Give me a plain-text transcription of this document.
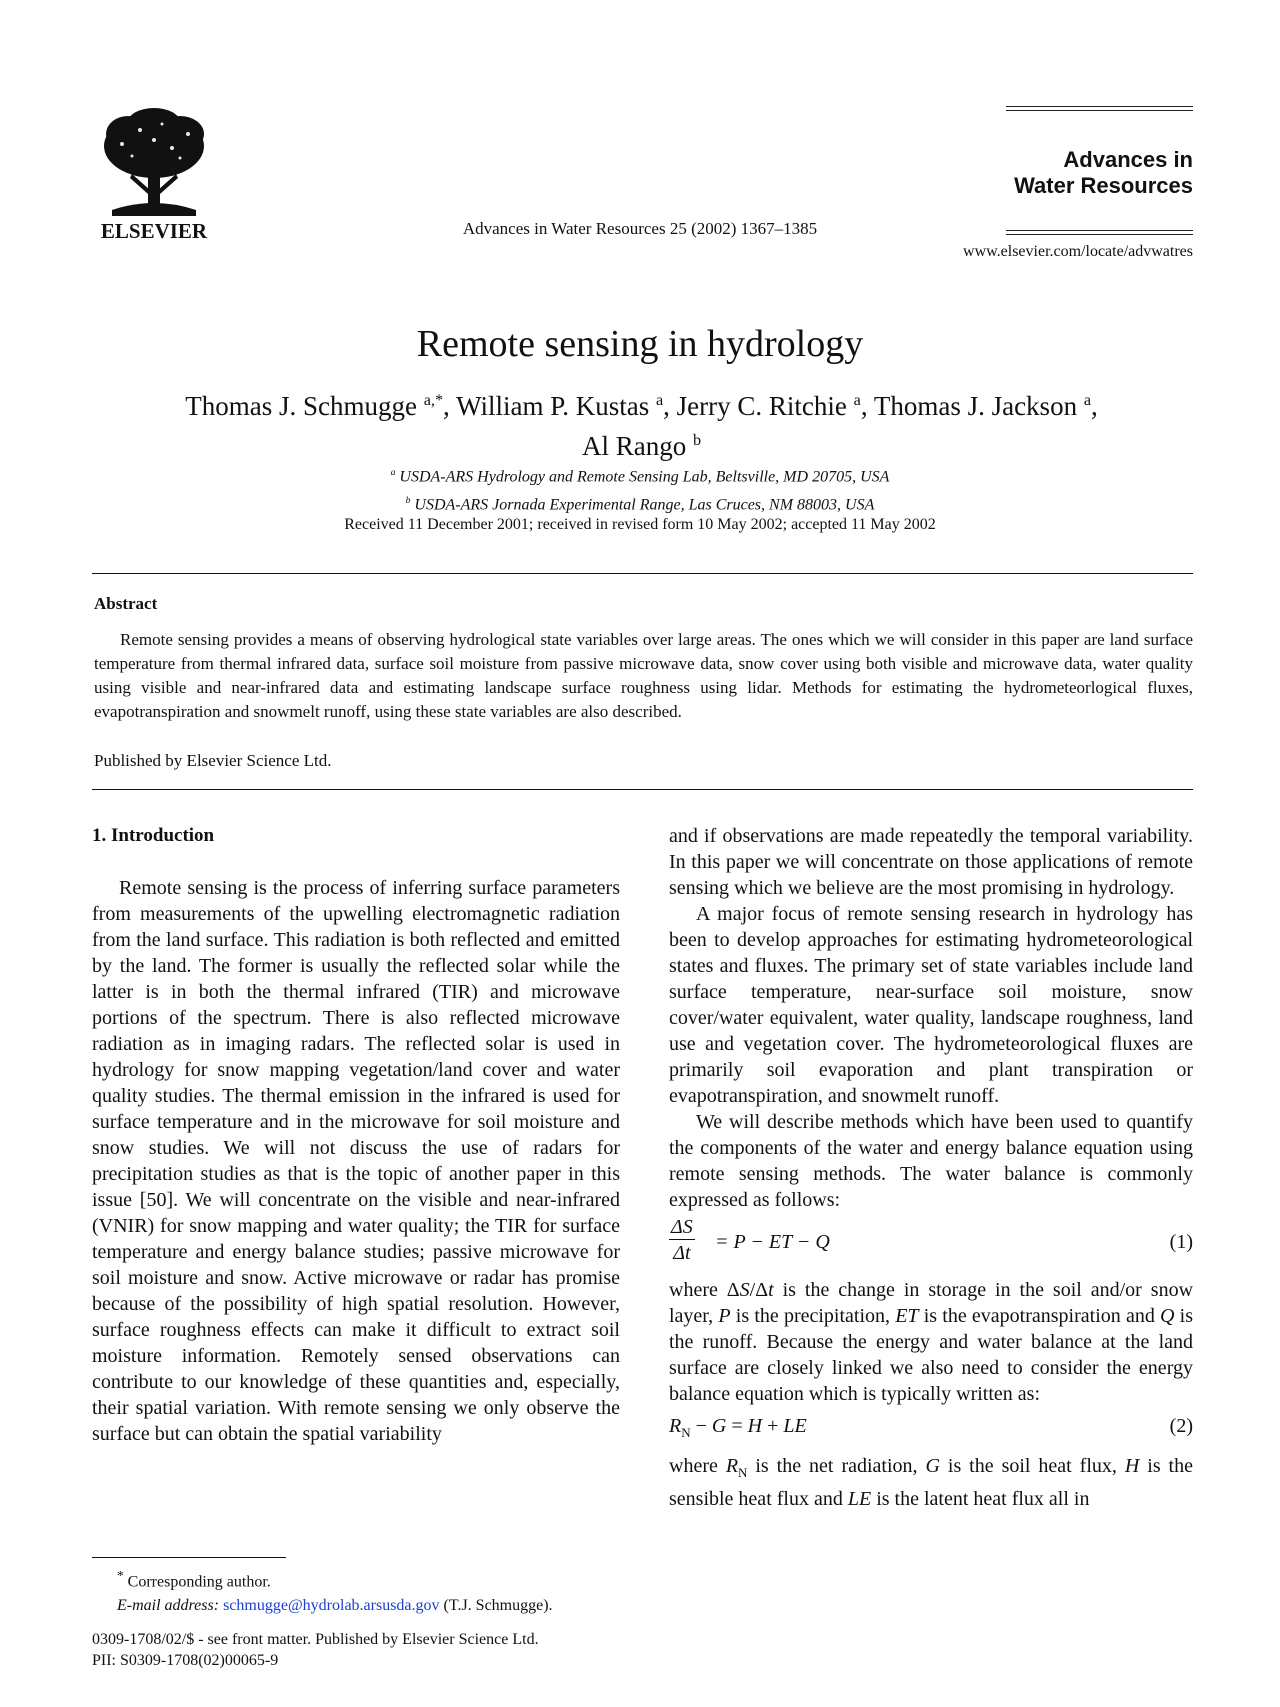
ELSEVIER	Advances in Water Resources 25 (2002) 1367–1385
Advances in
Water Resources
www.elsevier.com/locate/advwatres
Remote sensing in hydrology
Thomas J. Schmugge $^{a,*}$, William P. Kustas $^a$, Jerry C. Ritchie $^a$, Thomas J. Jackson $^a$,
Al Rango $^b$
$^a$ USDA-ARS Hydrology and Remote Sensing Lab, Beltsville, MD 20705, USA
$^b$ USDA-ARS Jornada Experimental Range, Las Cruces, NM 88003, USA
Received 11 December 2001; received in revised form 10 May 2002; accepted 11 May 2002
Abstract
Remote sensing provides a means of observing hydrological state variables over large areas. The ones which we will consider in this paper are land surface temperature from thermal infrared data, surface soil moisture from passive microwave data, snow cover using both visible and microwave data, water quality using visible and near-infrared data and estimating landscape surface roughness using lidar. Methods for estimating the hydrometeorlogical fluxes, evapotranspiration and snowmelt runoff, using these state variables are also described.
Published by Elsevier Science Ltd.
1. Introduction

Remote sensing is the process of inferring surface parameters from measurements of the upwelling electromagnetic radiation from the land surface. This radiation is both reflected and emitted by the land. The former is usually the reflected solar while the latter is in both the thermal infrared (TIR) and microwave portions of the spectrum. There is also reflected microwave radiation as in imaging radars. The reflected solar is used in hydrology for snow mapping vegetation/land cover and water quality studies. The thermal emission in the infrared is used for surface temperature and in the microwave for soil moisture and snow studies. We will not discuss the use of radars for precipitation studies as that is the topic of another paper in this issue [50]. We will concentrate on the visible and near-infrared (VNIR) for snow mapping and water quality; the TIR for surface temperature and energy balance studies; passive microwave for soil moisture and snow. Active microwave or radar has promise because of the possibility of high spatial resolution. However, surface roughness effects can make it difficult to extract soil moisture information. Remotely sensed observations can contribute to our knowledge of these quantities and, especially, their spatial variation. With remote sensing we only observe the surface but can obtain the spatial variability

and if observations are made repeatedly the temporal variability. In this paper we will concentrate on those applications of remote sensing which we believe are the most promising in hydrology.

A major focus of remote sensing research in hydrology has been to develop approaches for estimating hydrometeorological states and fluxes. The primary set of state variables include land surface temperature, near-surface soil moisture, snow cover/water equivalent, water quality, landscape roughness, land use and vegetation cover. The hydrometeorological fluxes are primarily soil evaporation and plant transpiration or evapotranspiration, and snowmelt runoff.

We will describe methods which have been used to quantify the components of the water and energy balance equation using remote sensing methods. The water balance is commonly expressed as follows:

$\frac{\Delta S}{\Delta t} = P$ − ET − Q	(1)

where ΔS/Δt is the change in storage in the soil and/or snow layer, P is the precipitation, ET is the evapotranspiration and Q is the runoff. Because the energy and water balance at the land surface are closely linked we also need to consider the energy balance equation which is typically written as:

$R_N - G = H$ + LE	(2)

where $R_N$ is the net radiation, G is the soil heat flux, H is the sensible heat flux and LE is the latent heat flux all in

* Corresponding author.
E-mail address: schmugge@hydrolab.arsusda.gov (T.J. Schmugge).
0309-1708/02/$ - see front matter. Published by Elsevier Science Ltd.
PII: S0309-1708(02)00065-9
